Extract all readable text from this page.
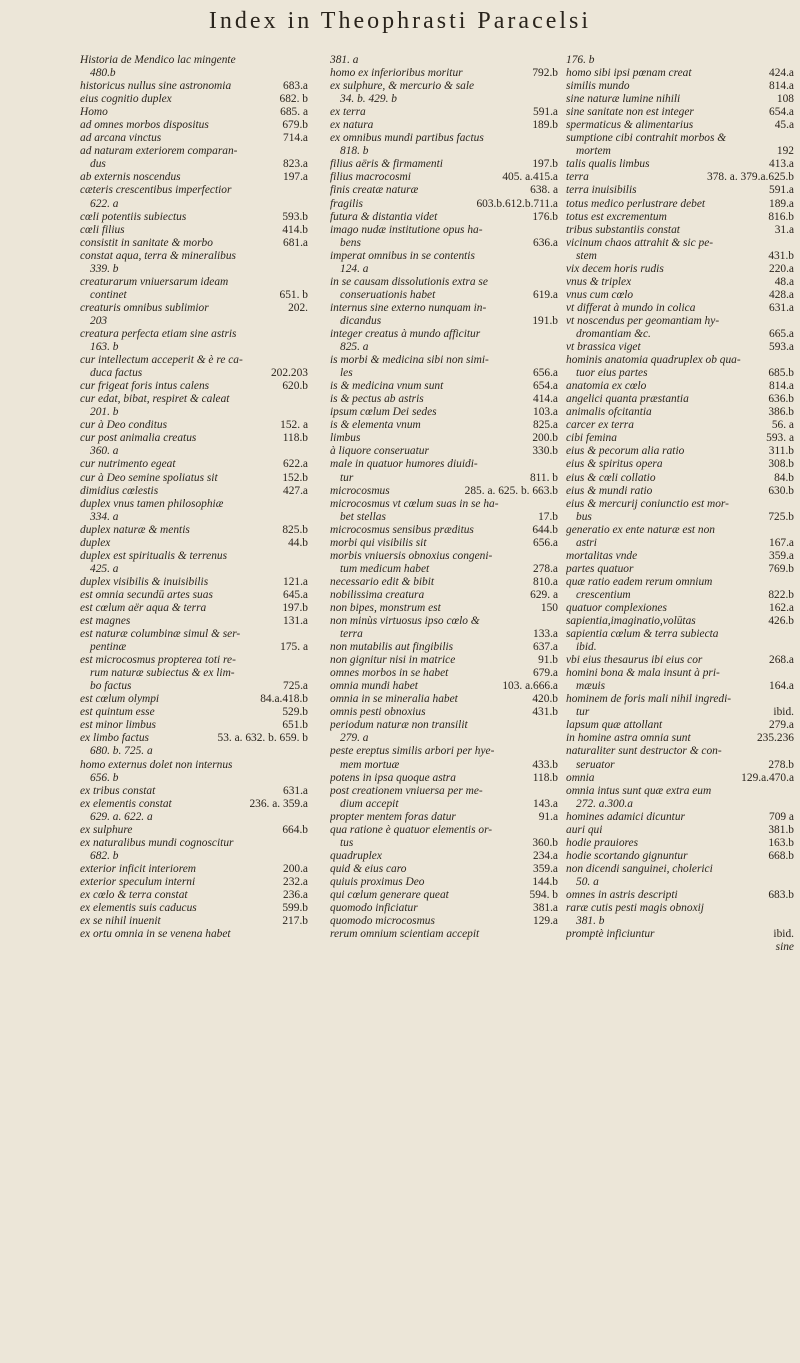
Index in Theophrasti Paracelsi
Historia de Mendico lac mingente
480.b
historicus nullus sine astronomia	683.a
eius cognitio duplex	682. b
Homo	685. a
ad omnes morbos dispositus	679.b
ad arcana vinctus	714.a
ad naturam exteriorem comparan-
dus	823.a
ab externis noscendus	197.a
cæteris crescentibus imperfectior
622. a
cœli potentiis subiectus	593.b
cœli filius	414.b
consistit in sanitate & morbo	681.a
constat aqua, terra & mineralibus
339. b
creaturarum vniuersarum ideam
continet	651. b
creaturis omnibus sublimior	202.
203
creatura perfecta etiam sine astris
163. b
cur intellectum acceperit & è re ca-
duca factus	202.203
cur frigeat foris intus calens	620.b
cur edat, bibat, respiret & caleat
201. b
cur à Deo conditus	152. a
cur post animalia creatus	118.b
360. a
cur nutrimento egeat	622.a
cur à Deo semine spoliatus sit	152.b
dimidius cœlestis	427.a
duplex vnus tamen philosophiæ
334. a
duplex naturæ & mentis	825.b
duplex	44.b
duplex est spiritualis & terrenus
425. a
duplex visibilis & inuisibilis	121.a
est omnia secundū artes suas	645.a
est cœlum aër aqua & terra	197.b
est magnes	131.a
est naturæ columbinæ simul & ser-
pentinæ	175. a
est microcosmus propterea toti re-
rum naturæ subiectus & ex lim-
bo factus	725.a
est cœlum olympi	84.a.418.b
est quintum esse	529.b
est minor limbus	651.b
ex limbo factus	53. a. 632. b. 659. b
680. b. 725. a
homo externus dolet non internus
656. b
ex tribus constat	631.a
ex elementis constat	236. a. 359.a
629. a. 622. a
ex sulphure	664.b
ex naturalibus mundi cognoscitur
682. b
exterior inficit interiorem	200.a
exterior speculum interni	232.a
ex cœlo & terra constat	236.a
ex elementis suis caducus	599.b
ex se nihil inuenit	217.b
ex ortu omnia in se venena habet
381. a
homo ex inferioribus moritur	792.b
ex sulphure, & mercurio & sale
34. b. 429. b
ex terra	591.a
ex natura	189.b
ex omnibus mundi partibus factus
818. b
filius aëris & firmamenti	197.b
filius macrocosmi	405. a.415.a
finis creatæ naturæ	638. a
fragilis	603.b.612.b.711.a
futura & distantia videt	176.b
imago nudæ institutione opus ha-
bens	636.a
imperat omnibus in se contentis
124. a
in se causam dissolutionis extra se
conseruationis habet	619.a
internus sine externo nunquam in-
dicandus	191.b
integer creatus à mundo afficitur
825. a
is morbi & medicina sibi non simi-
les	656.a
is & medicina vnum sunt	654.a
is & pectus ab astris	414.a
ipsum cœlum Dei sedes	103.a
is & elementa vnum	825.a
limbus	200.b
à liquore conseruatur	330.b
male in quatuor humores diuidi-
tur	811. b
microcosmus	285. a. 625. b. 663.b
microcosmus vt cœlum suas in se ha-
bet stellas	17.b
microcosmus sensibus præditus	644.b
morbi qui visibilis sit	656.a
morbis vniuersis obnoxius congeni-
tum medicum habet	278.a
necessario edit & bibit	810.a
nobilissima creatura	629. a
non bipes, monstrum est	150
non minùs virtuosus ipso cœlo &
terra	133.a
non mutabilis aut fingibilis	637.a
non gignitur nisi in matrice	91.b
omnes morbos in se habet	679.a
omnia mundi habet	103. a.666.a
omnia in se mineralia habet	420.b
omnis pesti obnoxius	431.b
periodum naturæ non transilit
279. a
peste ereptus similis arbori per hye-
mem mortuæ	433.b
potens in ipsa quoque astra	118.b
post creationem vniuersa per me-
dium accepit	143.a
propter mentem foras datur	91.a
qua ratione è quatuor elementis or-
tus	360.b
quadruplex	234.a
quid & eius caro	359.a
quiuis proximus Deo	144.b
qui cœlum generare queat	594. b
quomodo inficiatur	381.a
quomodo microcosmus	129.a
rerum omnium scientiam accepit
176. b
homo sibi ipsi pœnam creat	424.a
similis mundo	814.a
sine naturæ lumine nihili	108
sine sanitate non est integer	654.a
spermaticus & alimentarius	45.a
sumptione cibi contrahit morbos &
mortem	192
talis qualis limbus	413.a
terra	378. a. 379.a.625.b
terra inuisibilis	591.a
totus medico perlustrare debet	189.a
totus est excrementum	816.b
tribus substantiis constat	31.a
vicinum chaos attrahit & sic pe-
stem	431.b
vix decem horis rudis	220.a
vnus & triplex	48.a
vnus cum cœlo	428.a
vt differat à mundo in colica	631.a
vt noscendus per geomantiam hy-
dromantiam &c.	665.a
vt brassica viget	593.a
hominis anatomia quadruplex ob qua-
tuor eius partes	685.b
anatomia ex cœlo	814.a
angelici quanta præstantia	636.b
animalis ofcitantia	386.b
carcer ex terra	56. a
cibi femina	593. a
eius & pecorum alia ratio	311.b
eius & spiritus opera	308.b
eius & cœli collatio	84.b
eius & mundi ratio	630.b
eius & mercurij coniunctio est mor-
bus	725.b
generatio ex ente naturæ est non
astri	167.a
mortalitas vnde	359.a
partes quatuor	769.b
quæ ratio eadem rerum omnium
crescentium	822.b
quatuor complexiones	162.a
sapientia,imaginatio,volūtas	426.b
sapientia cœlum & terra subiecta
ibid.
vbi eius thesaurus ibi eius cor	268.a
homini bona & mala insunt à pri-
mæuis	164.a
hominem de foris mali nihil ingredi-
tur	ibid.
lapsum quæ attollant	279.a
in homine astra omnia sunt	235.236
naturaliter sunt destructor & con-
seruator	278.b
omnia	129.a.470.a
omnia intus sunt quæ extra eum
272. a.300.a
homines adamici dicuntur	709 a
auri qui	381.b
hodie prauiores	163.b
hodie scortando gignuntur	668.b
non dicendi sanguinei, cholerici
50. a
omnes in astris descripti	683.b
raræ cutis pesti magis obnoxij
381. b
promptè inficiuntur	ibid.
sine
